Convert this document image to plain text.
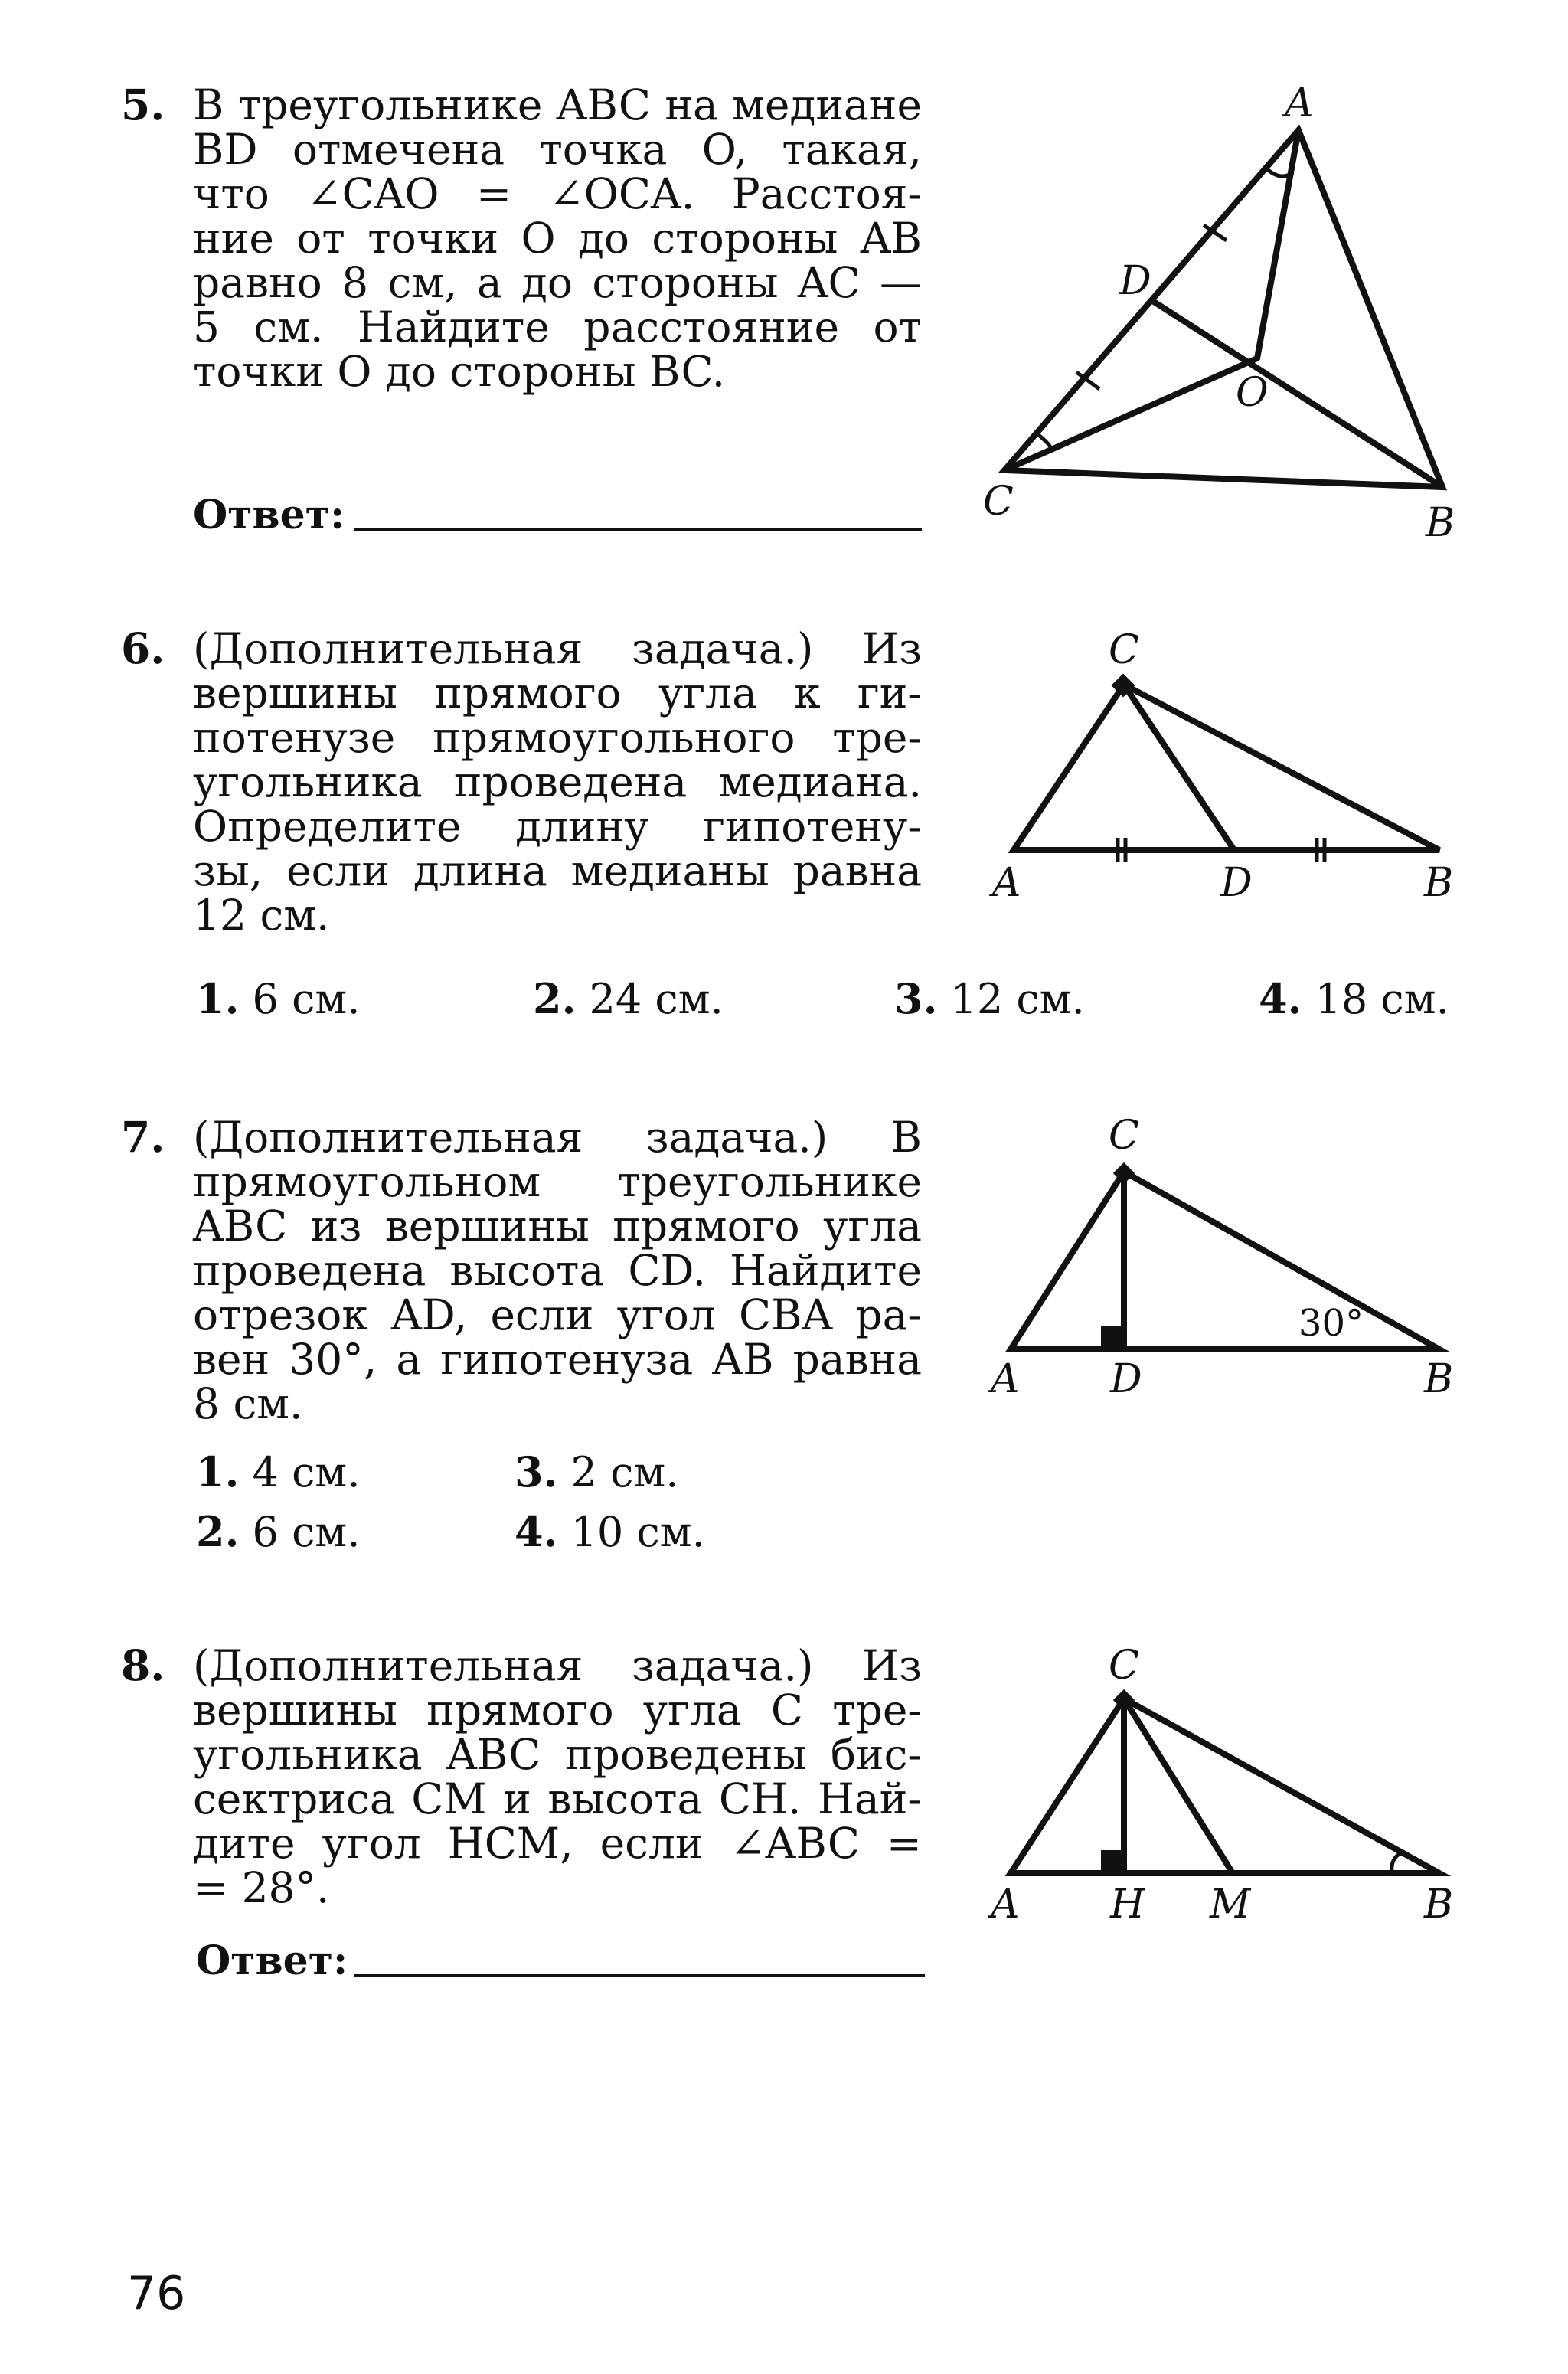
5. В треугольнике ABC на медиане
BD отмечена точка O, такая,
что ∠CAO = ∠OCA. Расстоя-
ние от точки O до стороны AB
равно 8 см, а до стороны AC —
5 см. Найдите расстояние от
точки O до стороны BC.
Ответ:
A
D
O
C	B
6. (Дополнительная задача.) Из
вершины прямого угла к ги-
потенузе прямоугольного тре-
угольника проведена медиана.
Определите длину гипотену-
зы, если длина медианы равна
12 см.
1. 6 см.	2. 24 см.	3. 12 см.	4. 18 см.
C
A	D	B
7. (Дополнительная задача.) В
прямоугольном треугольнике
ABC из вершины прямого угла
проведена высота CD. Найдите
отрезок AD, если угол CBA ра-
вен 30°, а гипотенуза AB равна
8 см.
1. 4 см.	3. 2 см.
2. 6 см.	4. 10 см.
30°
C
A D	B
8. (Дополнительная задача.) Из
вершины прямого угла C тре-
угольника ABC проведены бис-
сектриса CM и высота CH. Най-
дите угол HCM, если ∠ABC =
= 28°.
Ответ:
C
A H M	B
76
